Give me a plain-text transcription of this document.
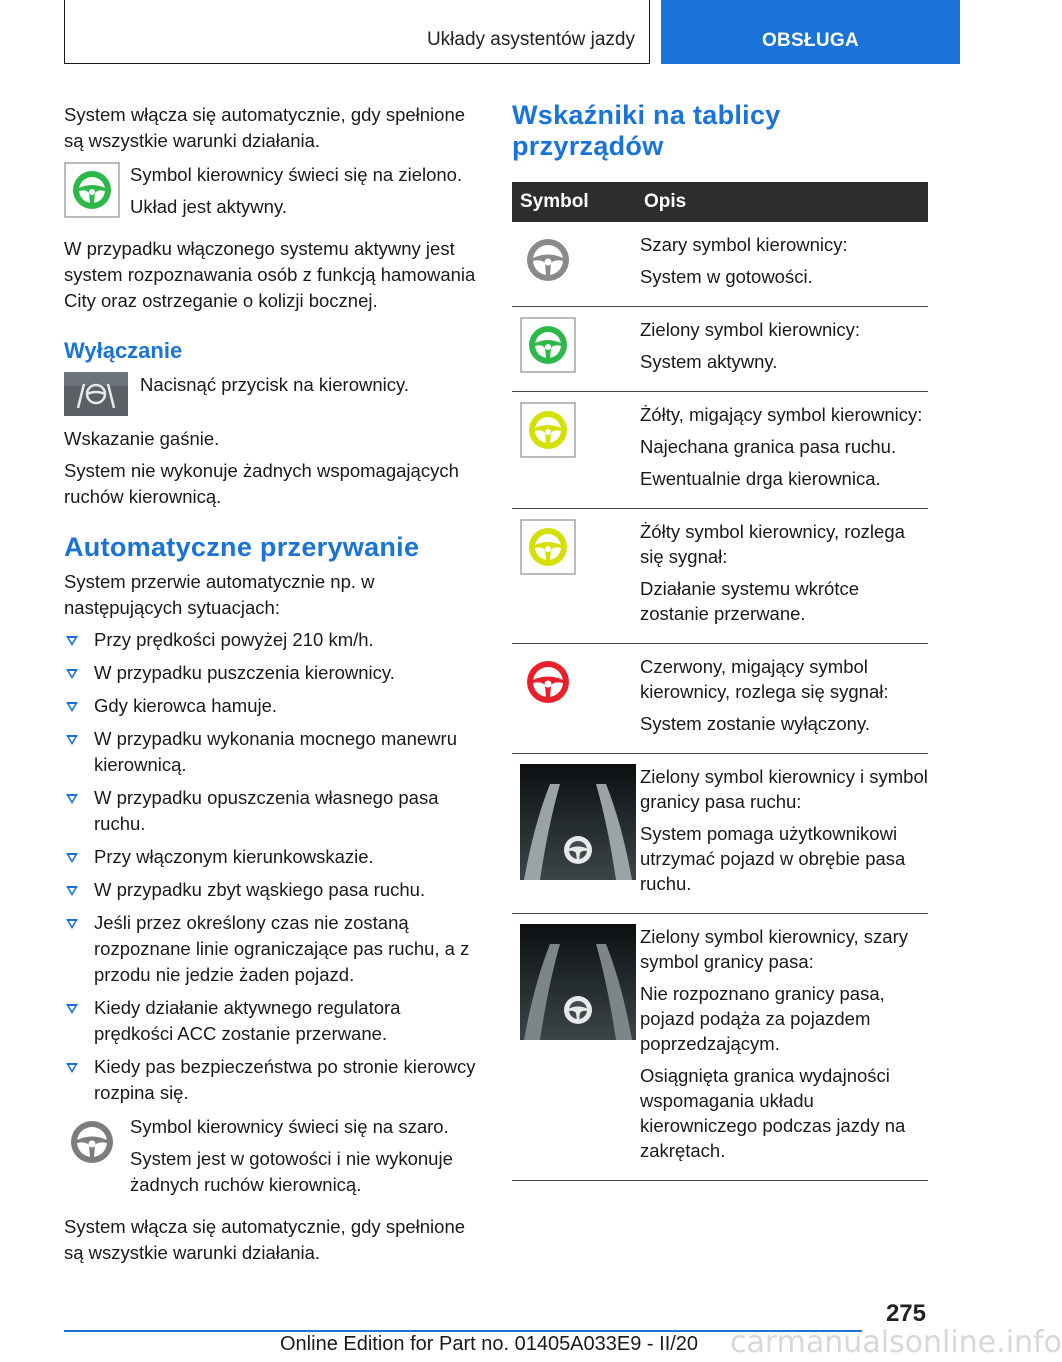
Układy asystentów jazdy	OBSŁUGA

System włącza się automatycznie, gdy spełnione są wszystkie warunki działania.

Symbol kierownicy świeci się na zielono.
Układ jest aktywny.

W przypadku włączonego systemu aktywny jest system rozpoznawania osób z funkcją hamowania City oraz ostrzeganie o kolizji bocznej.

Wyłączanie
Nacisnąć przycisk na kierownicy.

Wskazanie gaśnie.

System nie wykonuje żadnych wspomagających ruchów kierownicą.

Automatyczne przerywanie

System przerwie automatycznie np. w następujących sytuacjach:

Przy prędkości powyżej 210 km/h.
W przypadku puszczenia kierownicy.
Gdy kierowca hamuje.
W przypadku wykonania mocnego manewru kierownicą.
W przypadku opuszczenia własnego pasa ruchu.
Przy włączonym kierunkowskazie.
W przypadku zbyt wąskiego pasa ruchu.
Jeśli przez określony czas nie zostaną rozpoznane linie ograniczające pas ruchu, a z przodu nie jedzie żaden pojazd.
Kiedy działanie aktywnego regulatora prędkości ACC zostanie przerwane.
Kiedy pas bezpieczeństwa po stronie kierowcy rozpina się.
Symbol kierownicy świeci się na szaro.
System jest w gotowości i nie wykonuje żadnych ruchów kierownicą.

System włącza się automatycznie, gdy spełnione są wszystkie warunki działania.

Wskaźniki na tablicy przyrządów
Symbol	Opis

Szary symbol kierownicy:
System w gotowości.

Zielony symbol kierownicy:
System aktywny.

Żółty, migający symbol kierownicy:
Najechana granica pasa ruchu.
Ewentualnie drga kierownica.

Żółty symbol kierownicy, rozlega się sygnał:
Działanie systemu wkrótce zostanie przerwane.

Czerwony, migający symbol kierownicy, rozlega się sygnał:
System zostanie wyłączony.

Zielony symbol kierownicy i symbol granicy pasa ruchu:
System pomaga użytkownikowi utrzymać pojazd w obrębie pasa ruchu.

Zielony symbol kierownicy, szary symbol granicy pasa:
Nie rozpoznano granicy pasa, pojazd podąża za pojazdem poprzedzającym.
Osiągnięta granica wydajności wspomagania układu kierowniczego podczas jazdy na zakrętach.
275
carmanualsonline.info
Online Edition for Part no. 01405A033E9 - II/20
